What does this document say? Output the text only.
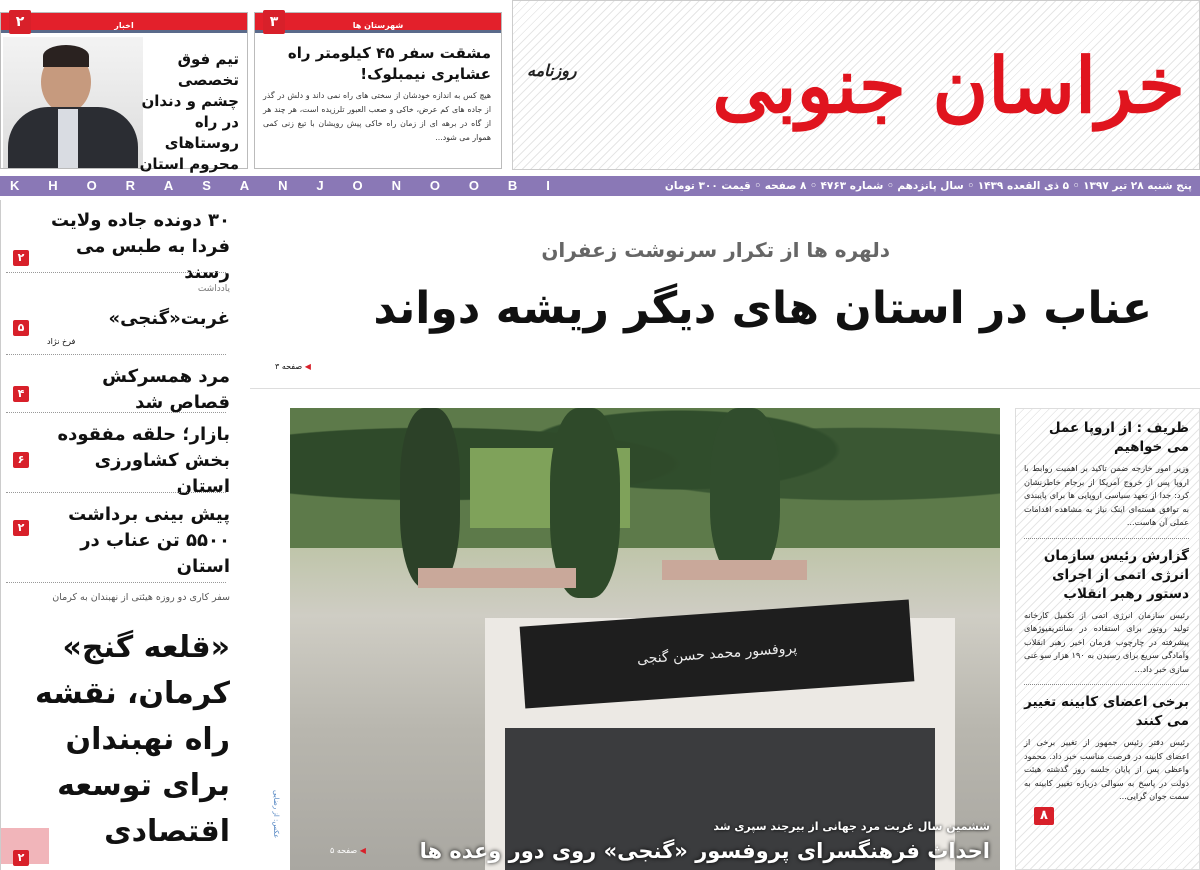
خراسان جنوبی
روزنامه
اخبار
۲
تیم فوق تخصصی چشم و دندان در راه روستاهای محروم استان
شهرستان ها
۳
مشقت سفر ۴۵ کیلومتر راه عشایری نیمبلوک!
هیچ کس به اندازه خودشان از سختی های راه نمی داند و دلش در گذر از جاده های کم عرض، خاکی و صعب العبور تلرزیده است، هر چند هر از گاه در برهه ای از زمان راه خاکی پیش رویشان با تیغ زنی کمی هموار می شود...
K H O R A S A N J O N O O B I	پنج شنبه ۲۸ تیر ۱۳۹۷ ◦ ۵ ذی القعده ۱۴۳۹ ◦ سال پانزدهم ◦ شماره ۴۷۶۳ ◦ ۸ صفحه ◦ قیمت ۳۰۰ تومان
۳۰ دونده جاده ولایت فردا به طبس می رسند
۲
یادداشت
غربت«گنجی»
فرخ نژاد
۵
مرد همسرکش قصاص شد
۴
بازار؛ حلقه مفقوده بخش کشاورزی استان
۶
پیش بینی برداشت ۵۵۰۰ تن عناب در استان
۲
سفر کاری دو روزه هیئتی از نهبندان به کرمان
«قلعه گنج» کرمان، نقشه راه نهبندان برای توسعه اقتصادی
۲
دلهره ها از تکرار سرنوشت زعفران
عناب در استان های دیگر ریشه دواند
◀ صفحه ۳
پروفسور محمد حسن گنجی
ششمین سال غربت مرد جهانی از بیرجند سپری شد
احداث فرهنگسرای پروفسور «گنجی» روی دور وعده ها
◀ صفحه ۵
عکس: از رضایی
ظریف : از اروپا عمل می خواهیم

وزیر امور خارجه ضمن تاکید بر اهمیت روابط با اروپا پس از خروج آمریکا از برجام خاطرنشان کرد: جدا از تعهد سیاسی اروپایی ها برای پایبندی به توافق هسته‌ای اینک نیاز به مشاهده اقدامات عملی آن هاست...

گزارش رئیس سازمان انرژی اتمی از اجرای دستور رهبر انقلاب

رئیس سازمان انرژی اتمی از تکمیل کارخانه تولید روتور برای استفاده در سانتریفیوژهای پیشرفته در چارچوب فرمان اخیر رهبر انقلاب وآمادگی سریع برای رسیدن به ۱۹۰ هزار سو غنی سازی خبر داد...

برخی اعضای کابینه تغییر می کنند

رئیس دفتر رئیس جمهور از تغییر برخی از اعضای کابینه در فرصت مناسب خبر داد. محمود واعظی پس از پایان جلسه روز گذشته هیئت دولت در پاسخ به سوالی درباره تغییر کابینه به سمت جوان گرایی...

۸
